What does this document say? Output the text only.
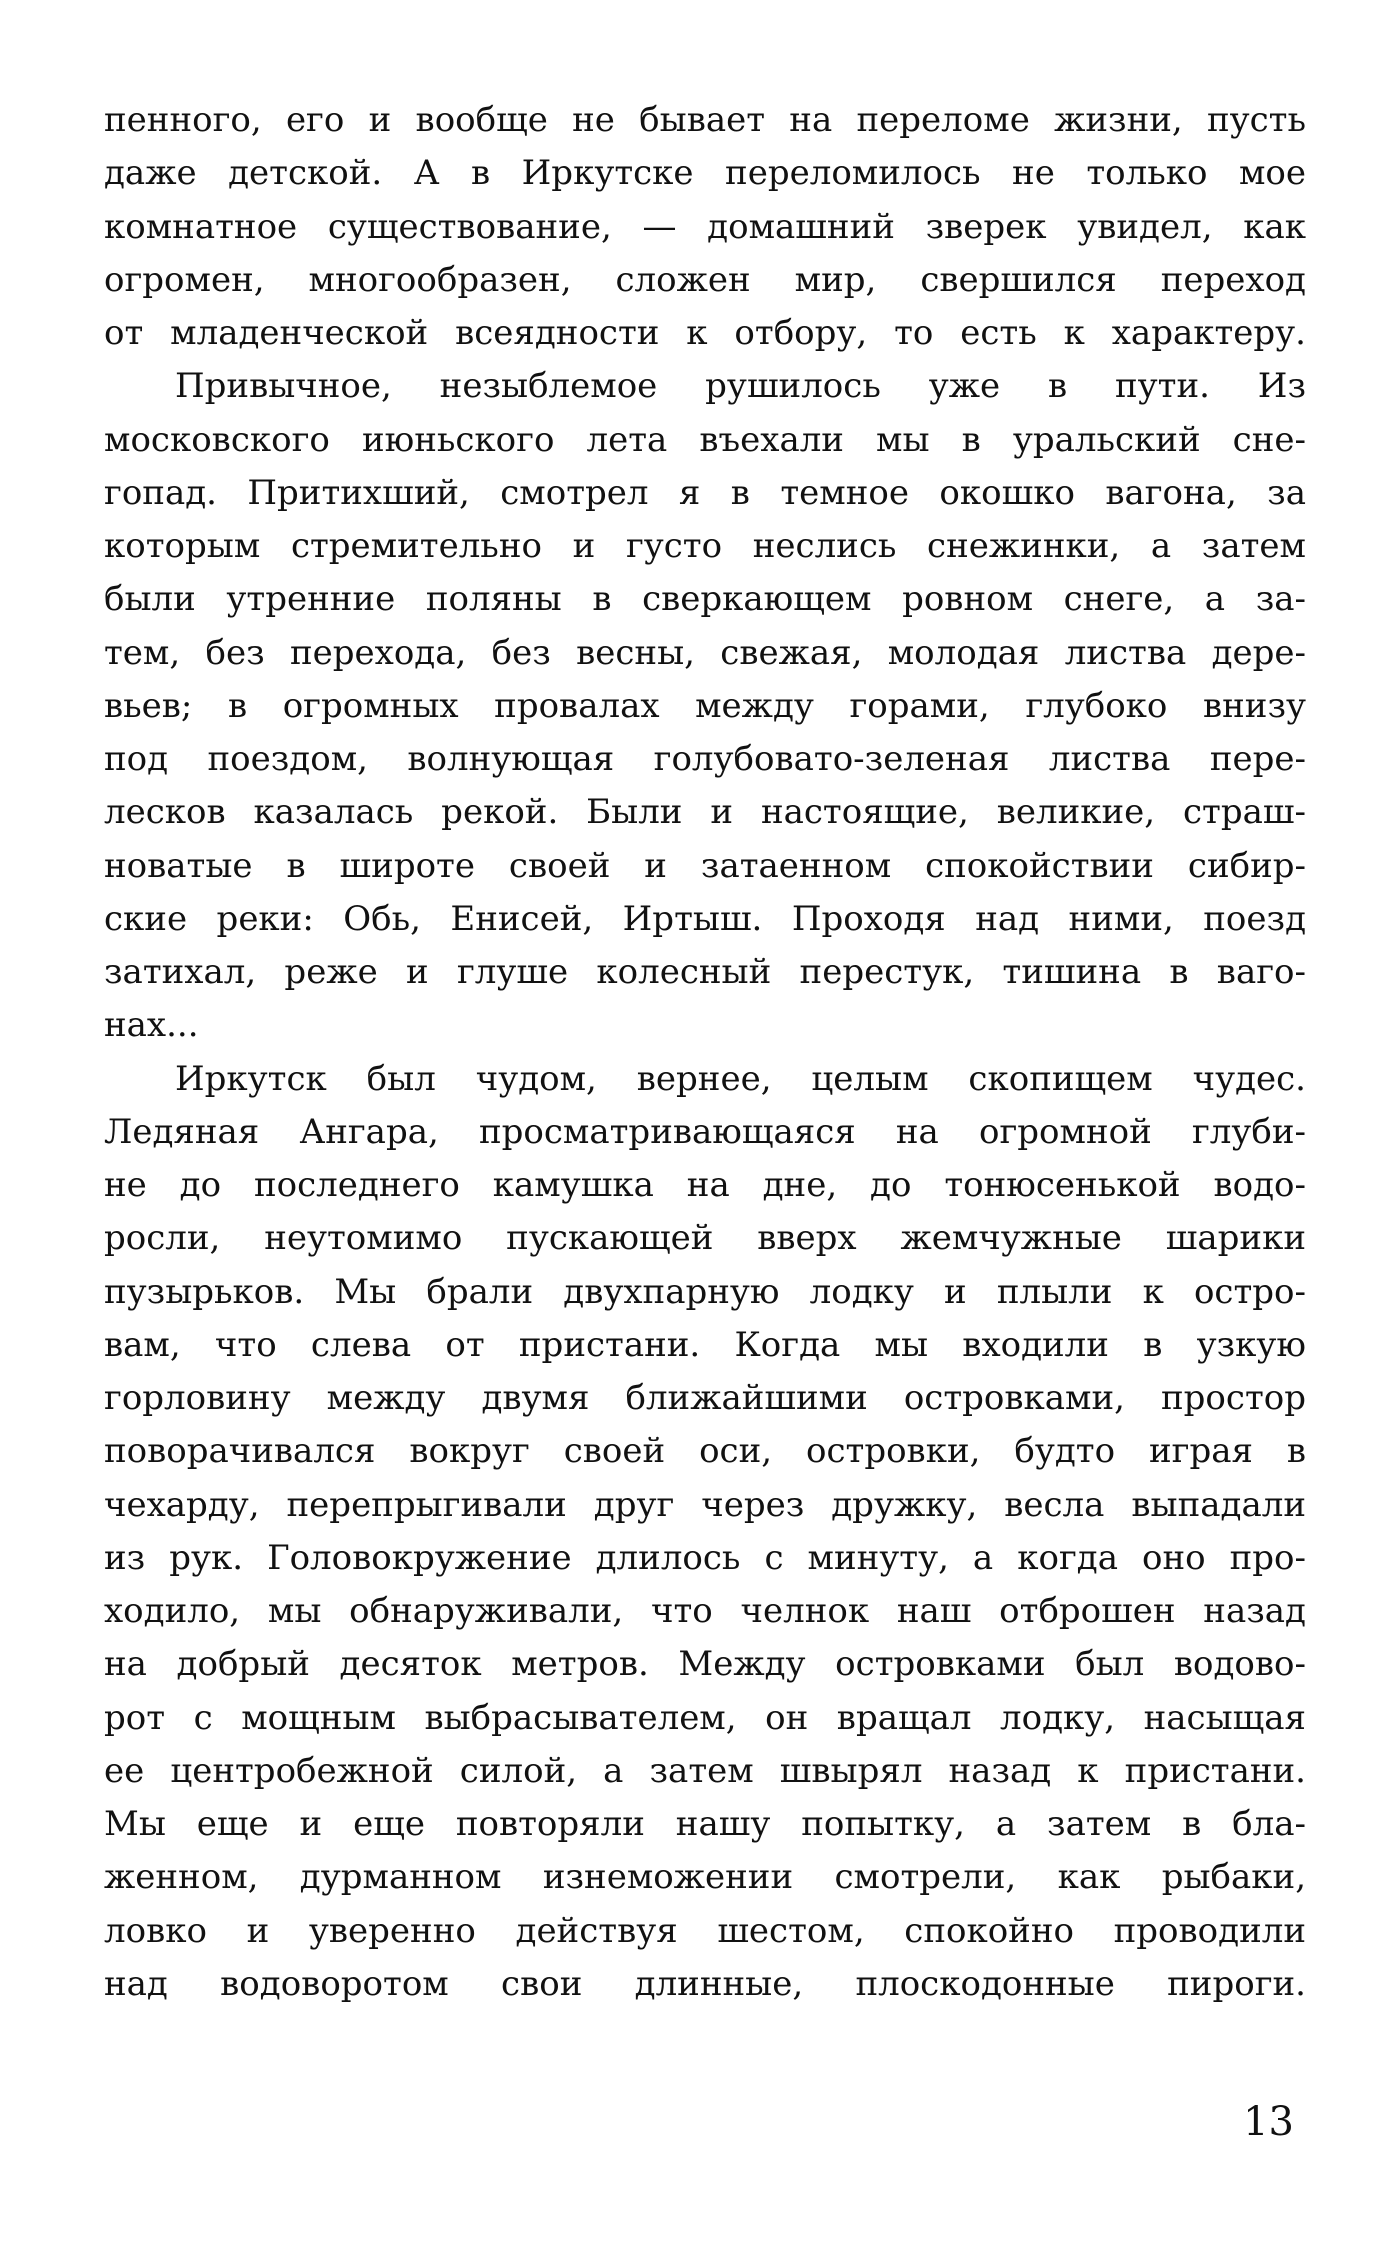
пенного, его и вообще не бывает на переломе жизни, пусть
даже детской. А в Иркутске переломилось не только мое
комнатное существование, — домашний зверек увидел, как
огромен, многообразен, сложен мир, свершился переход
от младенческой всеядности к отбору, то есть к характеру.
Привычное, незыблемое рушилось уже в пути. Из
московского июньского лета въехали мы в уральский сне-
гопад. Притихший, смотрел я в темное окошко вагона, за
которым стремительно и густо неслись снежинки, а затем
были утренние поляны в сверкающем ровном снеге, а за-
тем, без перехода, без весны, свежая, молодая листва дере-
вьев; в огромных провалах между горами, глубоко внизу
под поездом, волнующая голубовато-зеленая листва пере-
лесков казалась рекой. Были и настоящие, великие, страш-
новатые в широте своей и затаенном спокойствии сибир-
ские реки: Обь, Енисей, Иртыш. Проходя над ними, поезд
затихал, реже и глуше колесный перестук, тишина в ваго-
нах...
Иркутск был чудом, вернее, целым скопищем чудес.
Ледяная Ангара, просматривающаяся на огромной глуби-
не до последнего камушка на дне, до тонюсенькой водо-
росли, неутомимо пускающей вверх жемчужные шарики
пузырьков. Мы брали двухпарную лодку и плыли к остро-
вам, что слева от пристани. Когда мы входили в узкую
горловину между двумя ближайшими островками, простор
поворачивался вокруг своей оси, островки, будто играя в
чехарду, перепрыгивали друг через дружку, весла выпадали
из рук. Головокружение длилось с минуту, а когда оно про-
ходило, мы обнаруживали, что челнок наш отброшен назад
на добрый десяток метров. Между островками был водово-
рот с мощным выбрасывателем, он вращал лодку, насыщая
ее центробежной силой, а затем швырял назад к пристани.
Мы еще и еще повторяли нашу попытку, а затем в бла-
женном, дурманном изнеможении смотрели, как рыбаки,
ловко и уверенно действуя шестом, спокойно проводили
над водоворотом свои длинные, плоскодонные пироги.
13
